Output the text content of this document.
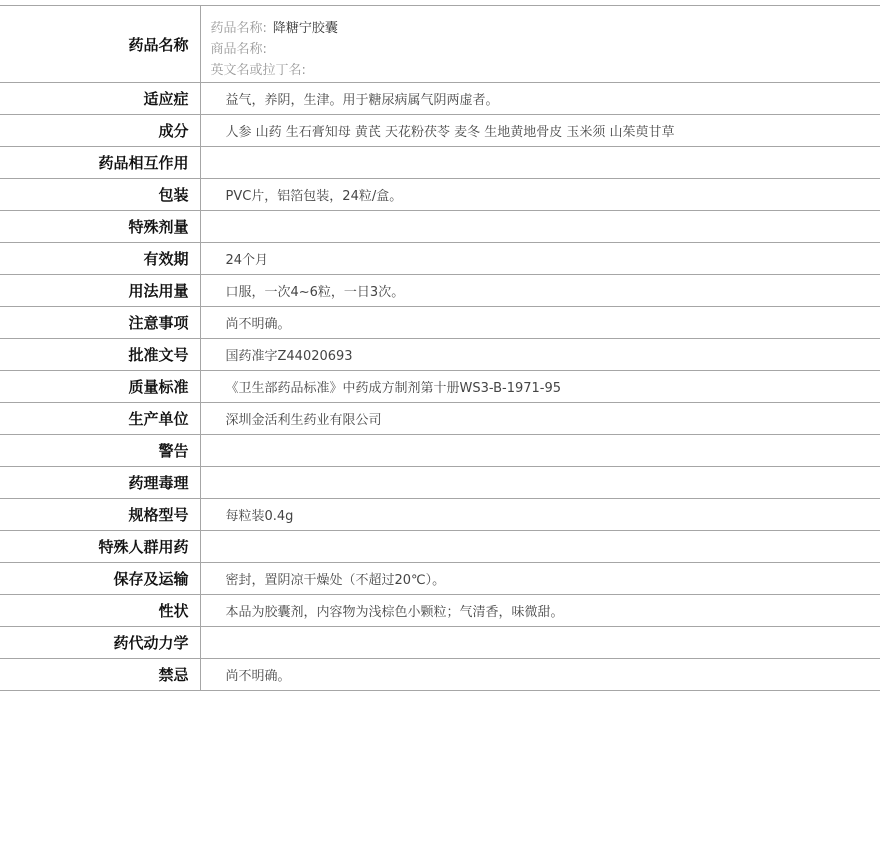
药品名称	药品名称: 降糖宁胶囊
商品名称:
英文名或拉丁名:

适应症	益气，养阴，生津。用于糖尿病属气阴两虚者。
成分	人参 山药 生石膏知母 黄芪 天花粉茯苓 麦冬 生地黄地骨皮 玉米须 山茱萸甘草
药品相互作用	
包装	PVC片，铝箔包装，24粒/盒。
特殊剂量	
有效期	24个月
用法用量	口服，一次4~6粒，一日3次。
注意事项	尚不明确。
批准文号	国药准字Z44020693
质量标准	《卫生部药品标准》中药成方制剂第十册WS3-B-1971-95
生产单位	深圳金活利生药业有限公司
警告	
药理毒理	
规格型号	每粒装0.4g
特殊人群用药	
保存及运输	密封，置阴凉干燥处（不超过20℃）。
性状	本品为胶囊剂，内容物为浅棕色小颗粒；气清香，味微甜。
药代动力学	
禁忌	尚不明确。
